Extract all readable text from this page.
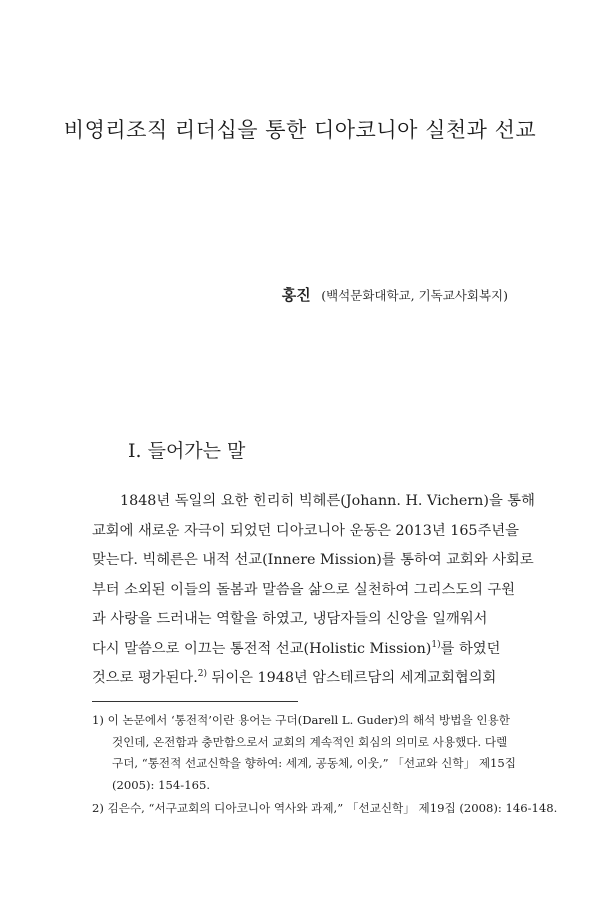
비영리조직 리더십을 통한 디아코니아 실천과 선교
홍진 (백석문화대학교, 기독교사회복지)
Ⅰ. 들어가는 말
1848년 독일의 요한 힌리히 빅헤른(Johann. H. Vichern)을 통해
교회에 새로운 자극이 되었던 디아코니아 운동은 2013년 165주년을
맞는다. 빅헤른은 내적 선교(Innere Mission)를 통하여 교회와 사회로
부터 소외된 이들의 돌봄과 말씀을 삶으로 실천하여 그리스도의 구원
과 사랑을 드러내는 역할을 하였고, 냉담자들의 신앙을 일깨워서
다시 말씀으로 이끄는 통전적 선교(Holistic Mission)$^{1)}$를 하였던
것으로 평가된다.$^{2)}$ 뒤이은 1948년 암스테르담의 세계교회협의회
1) 이 논문에서 ‘통전적’이란 용어는 구더(Darell L. Guder)의 해석 방법을 인용한
것인데, 온전함과 충만함으로서 교회의 계속적인 회심의 의미로 사용했다. 다렐
구더, “통전적 선교신학을 향하여: 세계, 공동체, 이웃,” 「선교와 신학」 제15집
(2005): 154-165.
2) 김은수, “서구교회의 디아코니아 역사와 과제,” 「선교신학」 제19집 (2008): 146-148.
